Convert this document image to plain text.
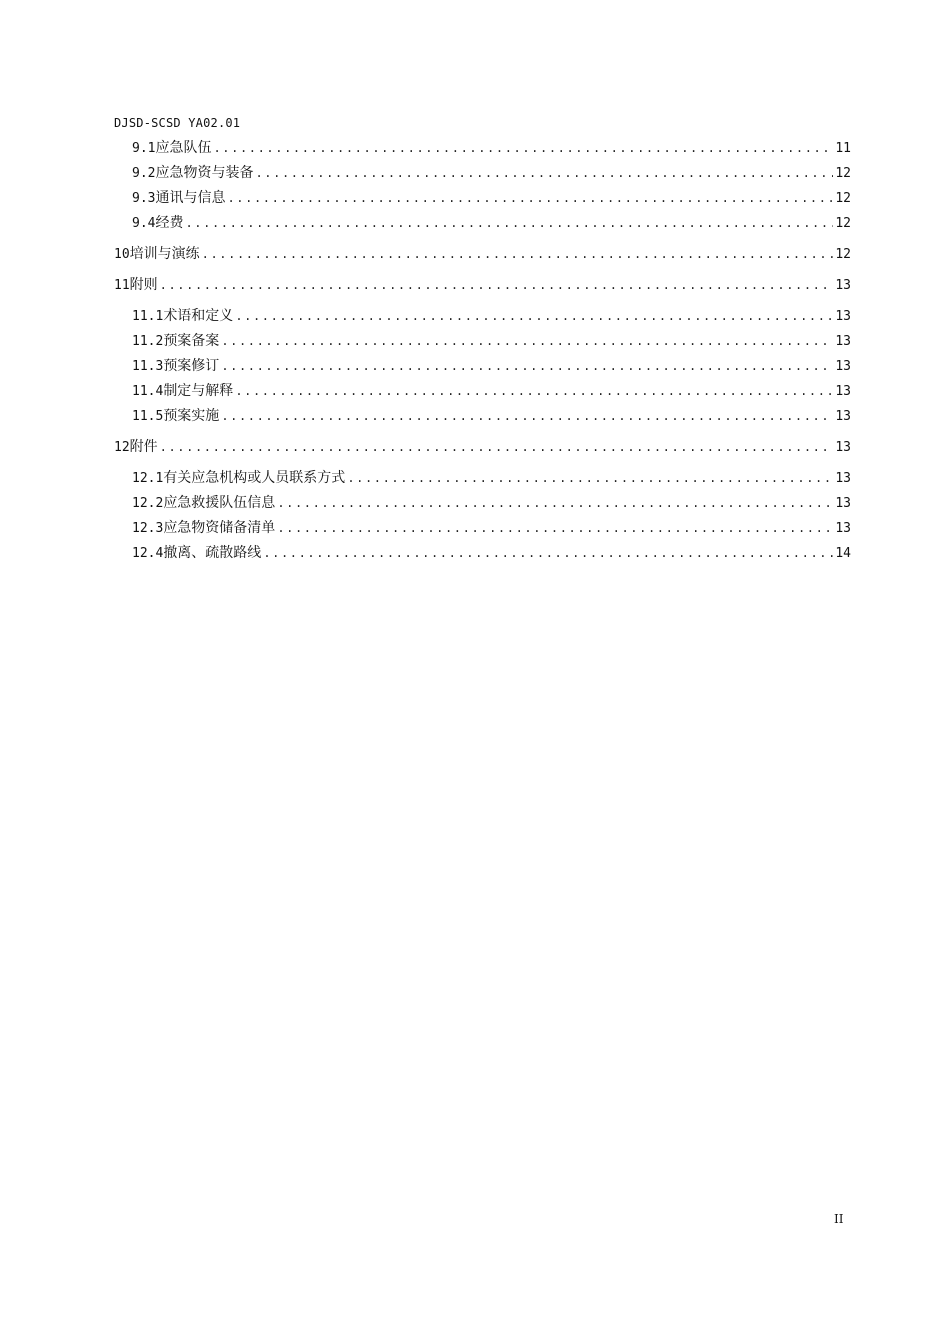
DJSD-SCSD YA02.01
9.1 应急队伍 .....	11
9.2 应急物资与装备 .....	12
9.3 通讯与信息 .....	12
9.4 经费 .....	12
10 培训与演练 .....	12
11 附则 .....	13
11.1 术语和定义 .....	13
11.2 预案备案 .....	13
11.3 预案修订 .....	13
11.4 制定与解释 .....	13
11.5 预案实施 .....	13
12 附件 .....	13
12.1 有关应急机构或人员联系方式 .....	13
12.2 应急救援队伍信息 .....	13
12.3 应急物资储备清单 .....	13
12.4 撤离、疏散路线 .....	14
II
